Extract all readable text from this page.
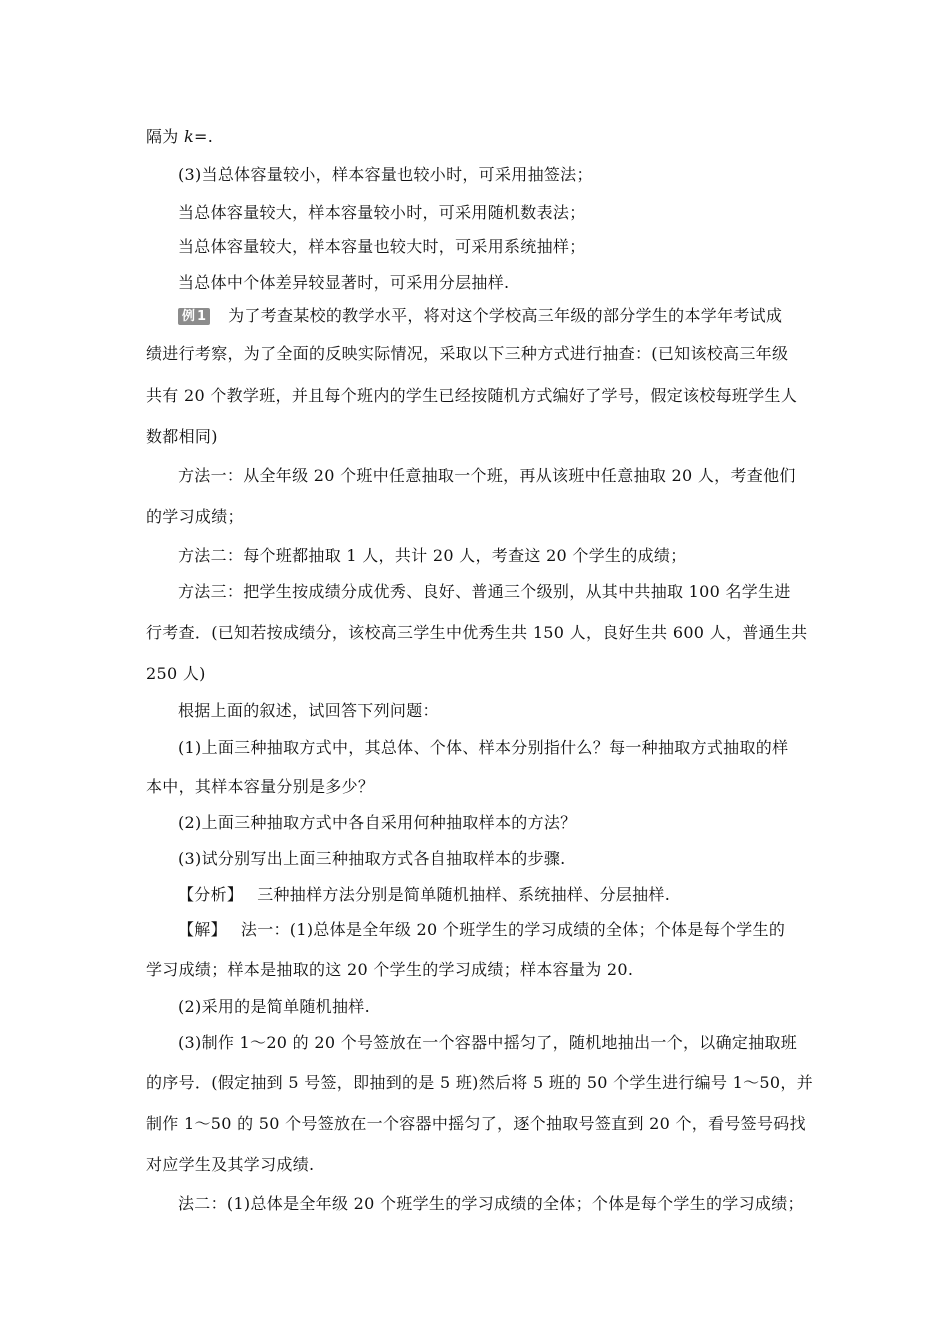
隔为 k=.
(3)当总体容量较小，样本容量也较小时，可采用抽签法；
当总体容量较大，样本容量较小时，可采用随机数表法；
当总体容量较大，样本容量也较大时，可采用系统抽样；
当总体中个体差异较显著时，可采用分层抽样.
例 1 为了考查某校的教学水平，将对这个学校高三年级的部分学生的本学年考试成
绩进行考察，为了全面的反映实际情况，采取以下三种方式进行抽查：(已知该校高三年级
共有 20 个教学班，并且每个班内的学生已经按随机方式编好了学号，假定该校每班学生人
数都相同)
方法一：从全年级 20 个班中任意抽取一个班，再从该班中任意抽取 20 人，考查他们
的学习成绩；
方法二：每个班都抽取 1 人，共计 20 人，考查这 20 个学生的成绩；
方法三：把学生按成绩分成优秀、良好、普通三个级别，从其中共抽取 100 名学生进
行考查．(已知若按成绩分，该校高三学生中优秀生共 150 人，良好生共 600 人，普通生共
250 人)
根据上面的叙述，试回答下列问题：
(1)上面三种抽取方式中，其总体、个体、样本分别指什么？每一种抽取方式抽取的样
本中，其样本容量分别是多少？
(2)上面三种抽取方式中各自采用何种抽取样本的方法？
(3)试分别写出上面三种抽取方式各自抽取样本的步骤.
【分析】 三种抽样方法分别是简单随机抽样、系统抽样、分层抽样.
【解】 法一：(1)总体是全年级 20 个班学生的学习成绩的全体；个体是每个学生的
学习成绩；样本是抽取的这 20 个学生的学习成绩；样本容量为 20.
(2)采用的是简单随机抽样.
(3)制作 1～20 的 20 个号签放在一个容器中摇匀了，随机地抽出一个，以确定抽取班
的序号．(假定抽到 5 号签，即抽到的是 5 班)然后将 5 班的 50 个学生进行编号 1～50，并
制作 1～50 的 50 个号签放在一个容器中摇匀了，逐个抽取号签直到 20 个，看号签号码找
对应学生及其学习成绩.
法二：(1)总体是全年级 20 个班学生的学习成绩的全体；个体是每个学生的学习成绩；
